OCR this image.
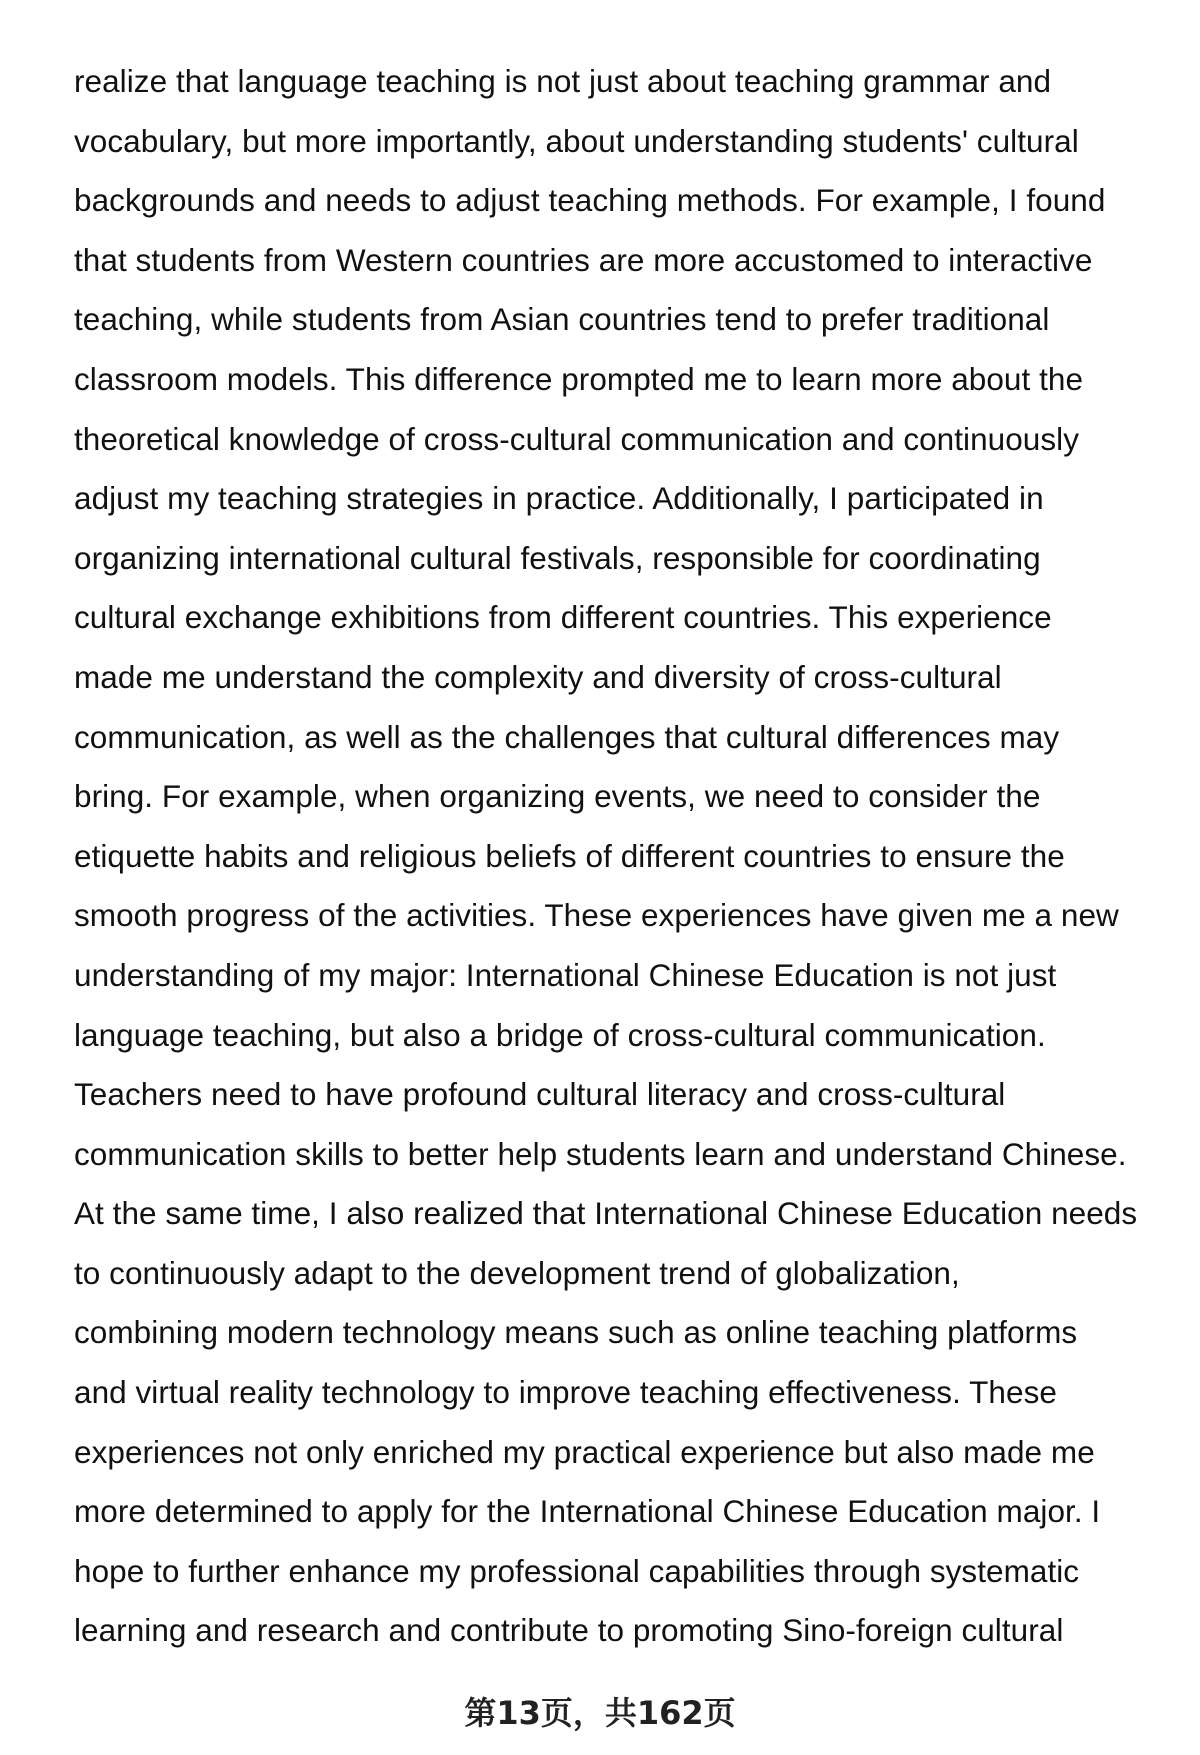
realize that language teaching is not just about teaching grammar and
vocabulary, but more importantly, about understanding students' cultural
backgrounds and needs to adjust teaching methods. For example, I found
that students from Western countries are more accustomed to interactive
teaching, while students from Asian countries tend to prefer traditional
classroom models. This difference prompted me to learn more about the
theoretical knowledge of cross-cultural communication and continuously
adjust my teaching strategies in practice. Additionally, I participated in
organizing international cultural festivals, responsible for coordinating
cultural exchange exhibitions from different countries. This experience
made me understand the complexity and diversity of cross-cultural
communication, as well as the challenges that cultural differences may
bring. For example, when organizing events, we need to consider the
etiquette habits and religious beliefs of different countries to ensure the
smooth progress of the activities. These experiences have given me a new
understanding of my major: International Chinese Education is not just
language teaching, but also a bridge of cross-cultural communication.
Teachers need to have profound cultural literacy and cross-cultural
communication skills to better help students learn and understand Chinese.
At the same time, I also realized that International Chinese Education needs
to continuously adapt to the development trend of globalization,
combining modern technology means such as online teaching platforms
and virtual reality technology to improve teaching effectiveness. These
experiences not only enriched my practical experience but also made me
more determined to apply for the International Chinese Education major. I
hope to further enhance my professional capabilities through systematic
learning and research and contribute to promoting Sino-foreign cultural
第13页，共162页
